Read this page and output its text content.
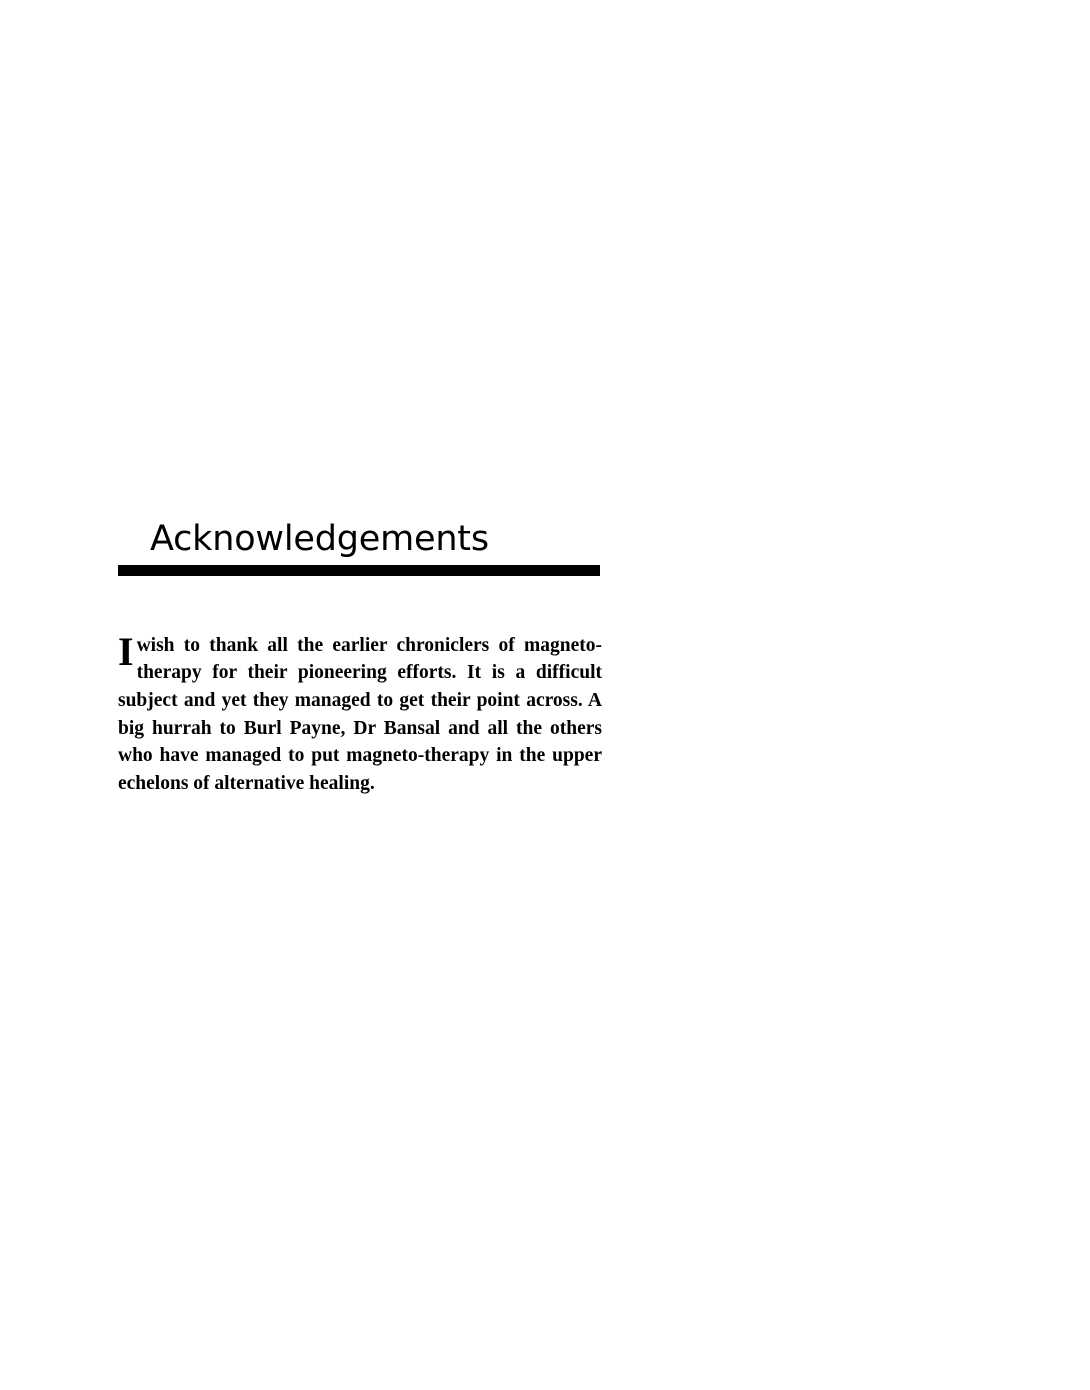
Acknowledgements

Iwish to thank all the earlier chroniclers of magneto-therapy for their pioneering efforts. It is a difficult subject and yet they managed to get their point across. A big hurrah to Burl Payne, Dr Bansal and all the others who have managed to put magneto-therapy in the upper echelons of alternative healing.
